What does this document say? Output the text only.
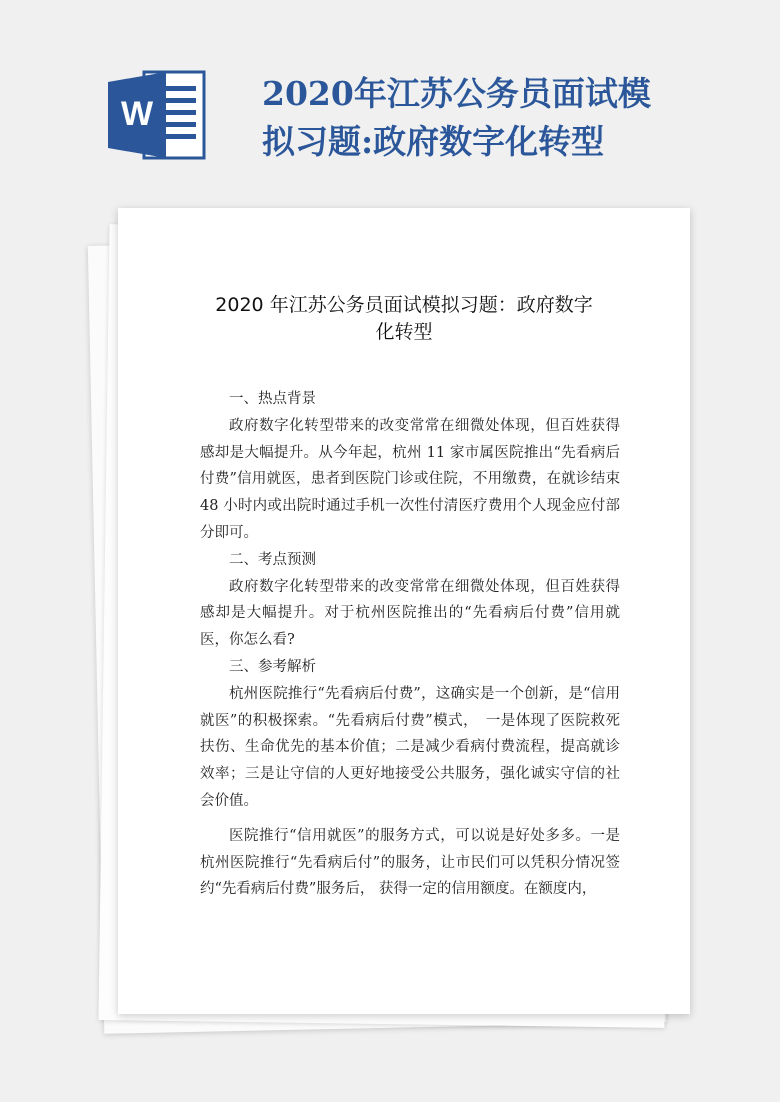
W
2020年江苏公务员面试模
拟习题:政府数字化转型
2020 年江苏公务员面试模拟习题：政府数字
化转型

一、热点背景

政府数字化转型带来的改变常常在细微处体现，但百姓获得感却是大幅提升。从今年起，杭州 11 家市属医院推出“先看病后付费”信用就医，患者到医院门诊或住院，不用缴费，在就诊结束 48 小时内或出院时通过手机一次性付清医疗费用个人现金应付部分即可。

二、考点预测

政府数字化转型带来的改变常常在细微处体现，但百姓获得感却是大幅提升。对于杭州医院推出的“先看病后付费”信用就医，你怎么看?

三、参考解析

杭州医院推行“先看病后付费”，这确实是一个创新，是“信用就医”的积极探索。“先看病后付费”模式，　一是体现了医院救死扶伤、生命优先的基本价值；二是减少看病付费流程，提高就诊效率；三是让守信的人更好地接受公共服务，强化诚实守信的社会价值。

医院推行“信用就医”的服务方式，可以说是好处多多。一是杭州医院推行“先看病后付”的服务，让市民们可以凭积分情况签约“先看病后付费”服务后， 获得一定的信用额度。在额度内，
